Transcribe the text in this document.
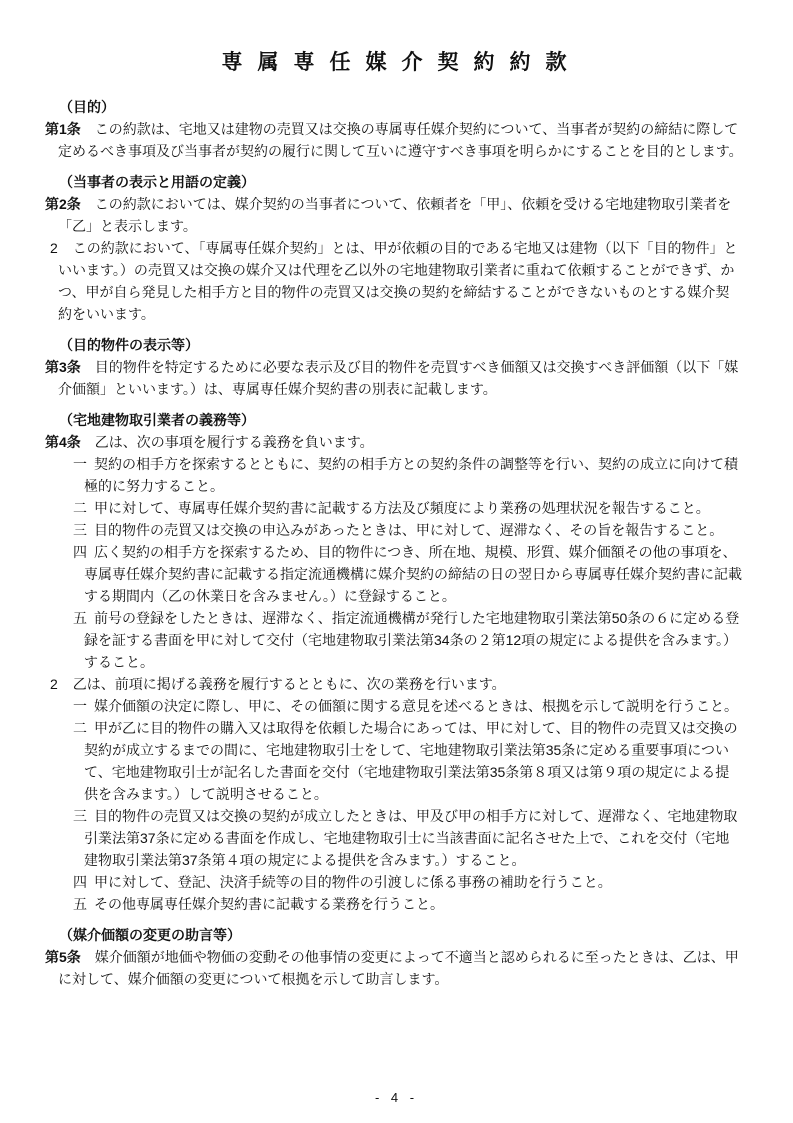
専属専任媒介契約約款
（目的）
第1条 この約款は、宅地又は建物の売買又は交換の専属専任媒介契約について、当事者が契約の締結に際して定めるべき事項及び当事者が契約の履行に関して互いに遵守すべき事項を明らかにすることを目的とします。
（当事者の表示と用語の定義）
第2条 この約款においては、媒介契約の当事者について、依頼者を「甲」、依頼を受ける宅地建物取引業者を「乙」と表示します。
2 この約款において、「専属専任媒介契約」とは、甲が依頼の目的である宅地又は建物（以下「目的物件」といいます。）の売買又は交換の媒介又は代理を乙以外の宅地建物取引業者に重ねて依頼することができず、かつ、甲が自ら発見した相手方と目的物件の売買又は交換の契約を締結することができないものとする媒介契約をいいます。
（目的物件の表示等）
第3条 目的物件を特定するために必要な表示及び目的物件を売買すべき価額又は交換すべき評価額（以下「媒介価額」といいます。）は、専属専任媒介契約書の別表に記載します。
（宅地建物取引業者の義務等）
第4条 乙は、次の事項を履行する義務を負います。
一 契約の相手方を探索するとともに、契約の相手方との契約条件の調整等を行い、契約の成立に向けて積極的に努力すること。
二 甲に対して、専属専任媒介契約書に記載する方法及び頻度により業務の処理状況を報告すること。
三 目的物件の売買又は交換の申込みがあったときは、甲に対して、遅滞なく、その旨を報告すること。
四 広く契約の相手方を探索するため、目的物件につき、所在地、規模、形質、媒介価額その他の事項を、専属専任媒介契約書に記載する指定流通機構に媒介契約の締結の日の翌日から専属専任媒介契約書に記載する期間内（乙の休業日を含みません。）に登録すること。
五 前号の登録をしたときは、遅滞なく、指定流通機構が発行した宅地建物取引業法第50条の６に定める登録を証する書面を甲に対して交付（宅地建物取引業法第34条の２第12項の規定による提供を含みます。）すること。
2 乙は、前項に掲げる義務を履行するとともに、次の業務を行います。
一 媒介価額の決定に際し、甲に、その価額に関する意見を述べるときは、根拠を示して説明を行うこと。
二 甲が乙に目的物件の購入又は取得を依頼した場合にあっては、甲に対して、目的物件の売買又は交換の契約が成立するまでの間に、宅地建物取引士をして、宅地建物取引業法第35条に定める重要事項について、宅地建物取引士が記名した書面を交付（宅地建物取引業法第35条第８項又は第９項の規定による提供を含みます。）して説明させること。
三 目的物件の売買又は交換の契約が成立したときは、甲及び甲の相手方に対して、遅滞なく、宅地建物取引業法第37条に定める書面を作成し、宅地建物取引士に当該書面に記名させた上で、これを交付（宅地建物取引業法第37条第４項の規定による提供を含みます。）すること。
四 甲に対して、登記、決済手続等の目的物件の引渡しに係る事務の補助を行うこと。
五 その他専属専任媒介契約書に記載する業務を行うこと。
（媒介価額の変更の助言等）
第5条 媒介価額が地価や物価の変動その他事情の変更によって不適当と認められるに至ったときは、乙は、甲に対して、媒介価額の変更について根拠を示して助言します。
- 4 -
